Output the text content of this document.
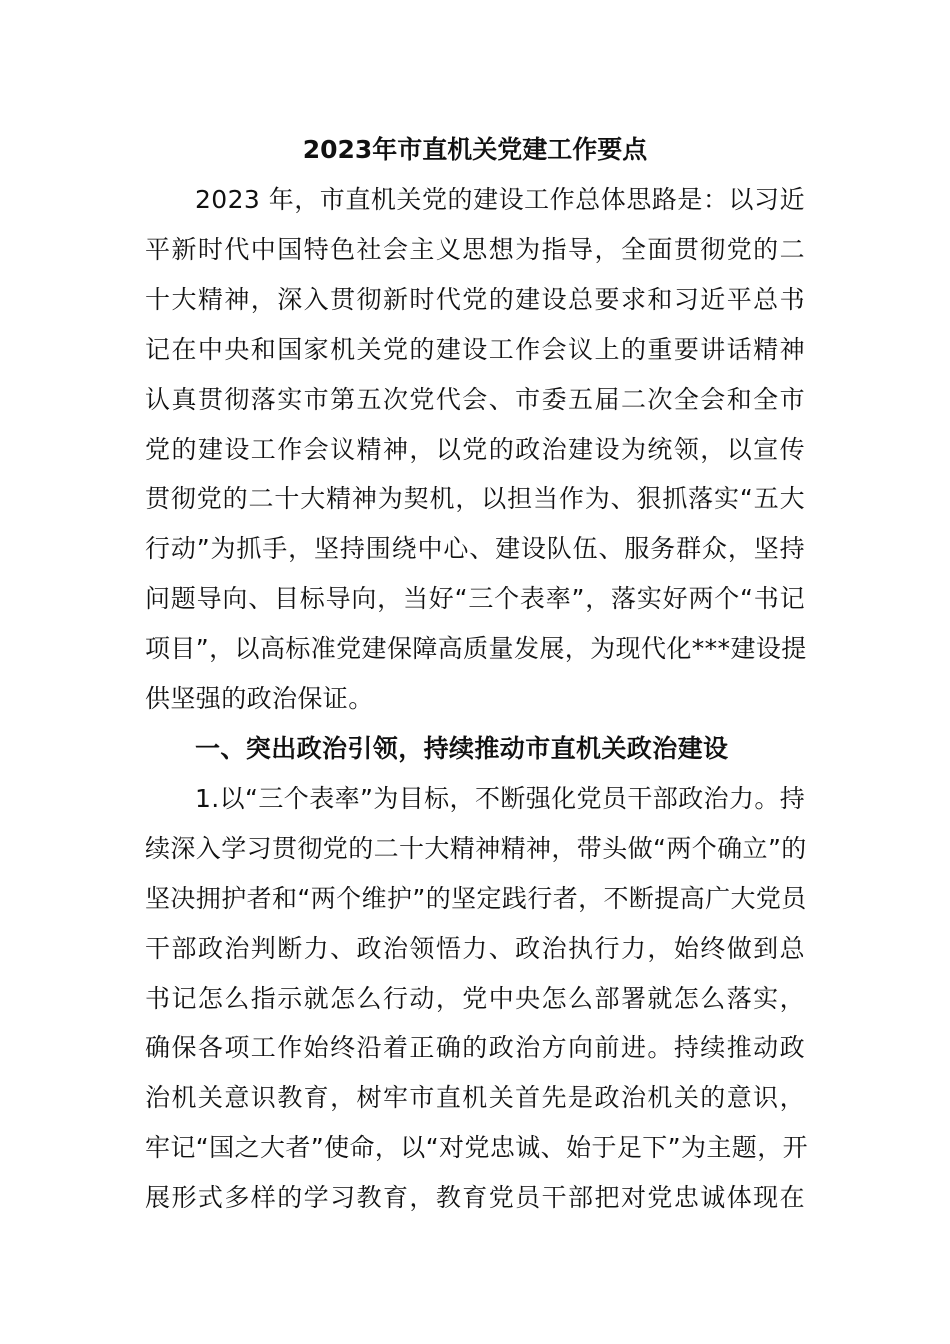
2023年市直机关党建工作要点
2023 年，市直机关党的建设工作总体思路是：以习近
平新时代中国特色社会主义思想为指导，全面贯彻党的二
十大精神，深入贯彻新时代党的建设总要求和习近平总书
记在中央和国家机关党的建设工作会议上的重要讲话精神
认真贯彻落实市第五次党代会、市委五届二次全会和全市
党的建设工作会议精神，以党的政治建设为统领，以宣传
贯彻党的二十大精神为契机，以担当作为、狠抓落实“五大
行动”为抓手，坚持围绕中心、建设队伍、服务群众，坚持
问题导向、目标导向，当好“三个表率”，落实好两个“书记
项目”，以高标准党建保障高质量发展，为现代化***建设提
供坚强的政治保证。
一、突出政治引领，持续推动市直机关政治建设
1.以“三个表率”为目标，不断强化党员干部政治力。持
续深入学习贯彻党的二十大精神精神，带头做“两个确立”的
坚决拥护者和“两个维护”的坚定践行者，不断提高广大党员
干部政治判断力、政治领悟力、政治执行力，始终做到总
书记怎么指示就怎么行动，党中央怎么部署就怎么落实，
确保各项工作始终沿着正确的政治方向前进。持续推动政
治机关意识教育，树牢市直机关首先是政治机关的意识，
牢记“国之大者”使命，以“对党忠诚、始于足下”为主题，开
展形式多样的学习教育，教育党员干部把对党忠诚体现在
